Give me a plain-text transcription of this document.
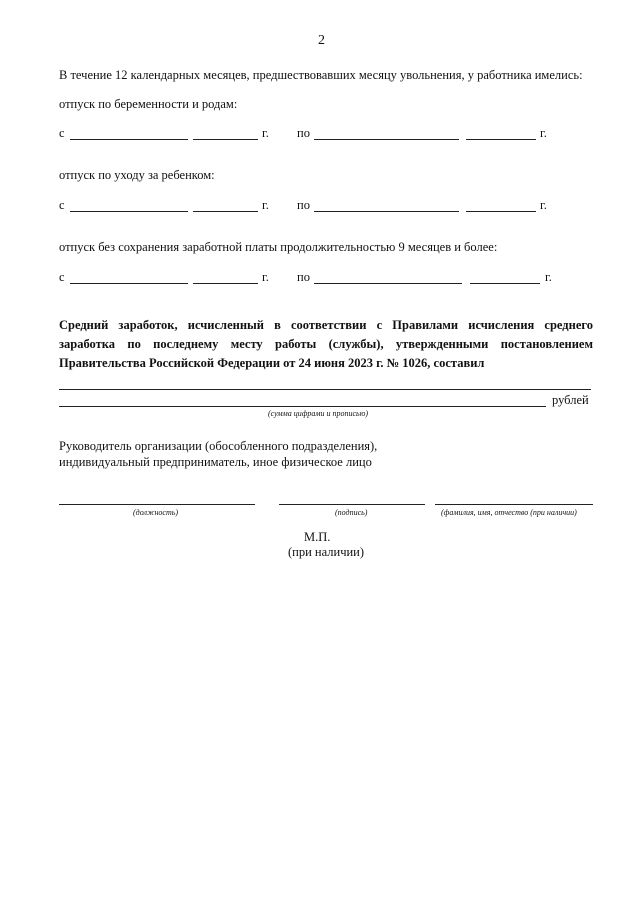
2
В течение 12 календарных месяцев, предшествовавших месяцу увольнения, у работника имелись:
отпуск по беременности и родам:
с	г. по	г.
отпуск по уходу за ребенком:
с	г. по	г.
отпуск без сохранения заработной платы продолжительностью 9 месяцев и более:
с	г. по	г.
Средний заработок, исчисленный в соответствии с Правилами исчисления среднего заработка по последнему месту работы (службы), утвержденными постановлением Правительства Российской Федерации от 24 июня 2023 г. № 1026, составил
рублей
(сумма цифрами и прописью)
Руководитель организации (обособленного подразделения),
индивидуальный предприниматель, иное физическое лицо
(должность)	(подпись)	(фамилия, имя, отчество (при наличии)
М.П.
(при наличии)
